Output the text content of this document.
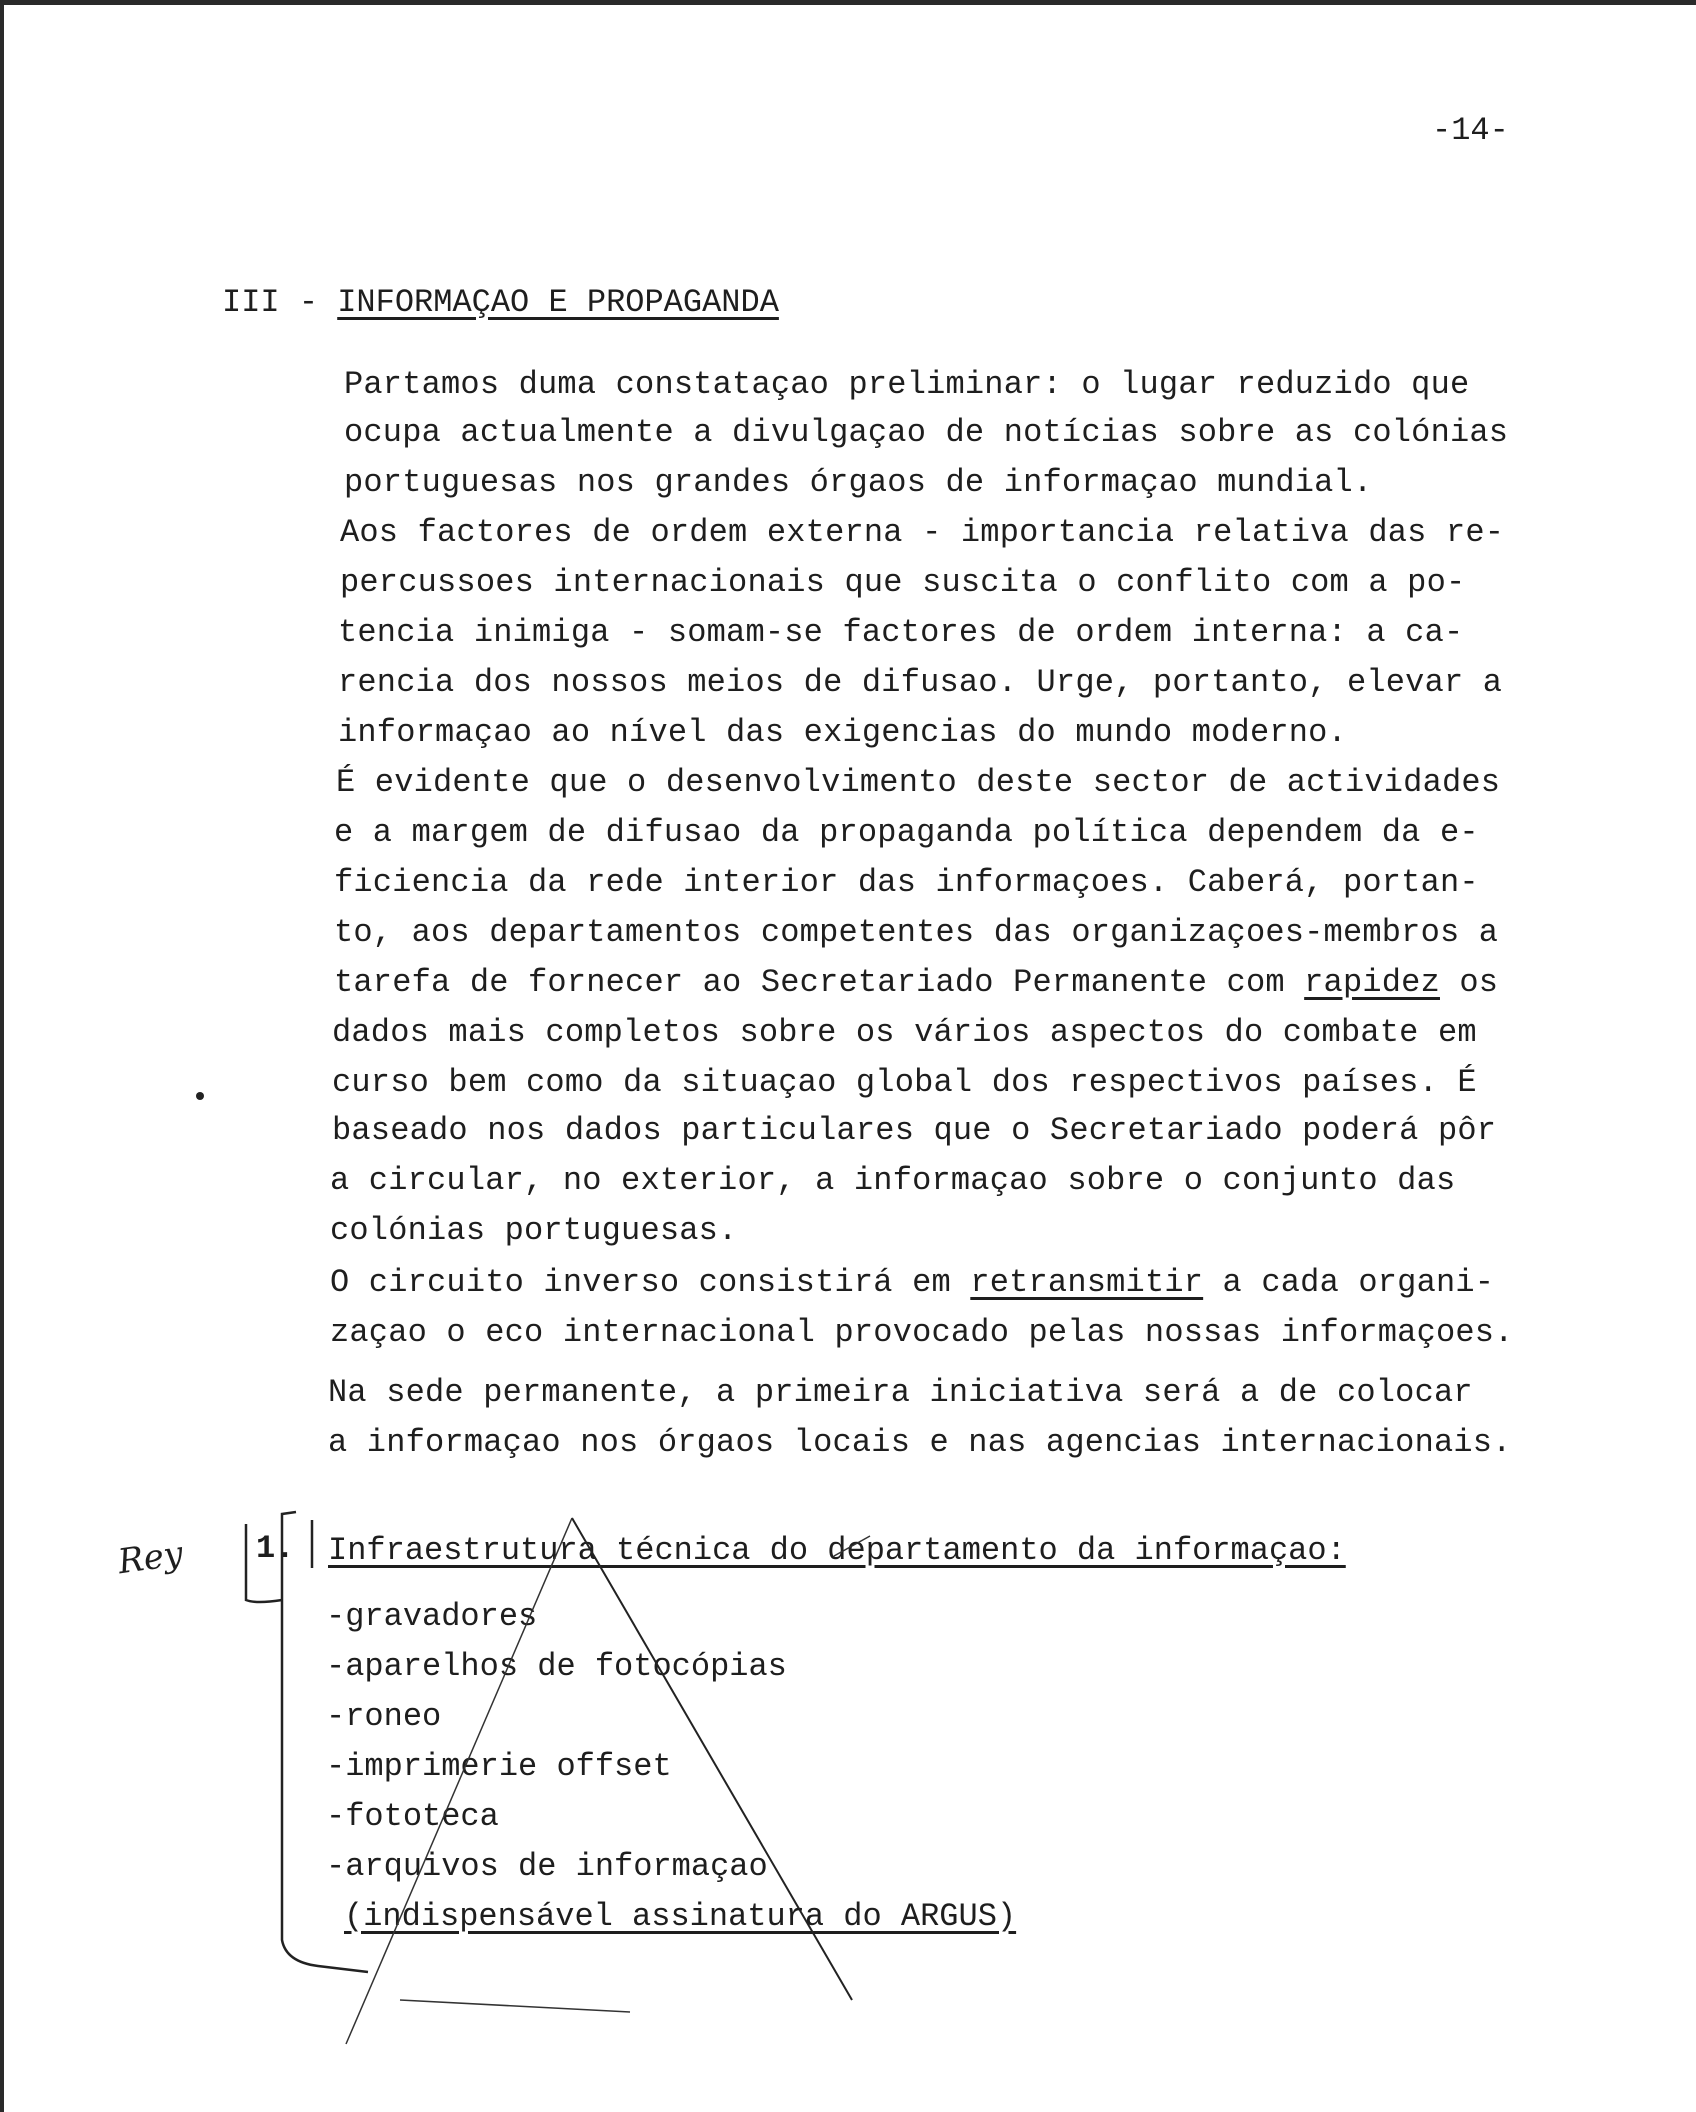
-14-
III - INFORMAÇAO E PROPAGANDA
Partamos duma constataçao preliminar: o lugar reduzido que
ocupa actualmente a divulgaçao de notícias sobre as colónias
portuguesas nos grandes órgaos de informaçao mundial.
Aos factores de ordem externa - importancia relativa das re-
percussoes internacionais que suscita o conflito com a po-
tencia inimiga - somam-se factores de ordem interna: a ca-
rencia dos nossos meios de difusao. Urge, portanto, elevar a
informaçao ao nível das exigencias do mundo moderno.
É evidente que o desenvolvimento deste sector de actividades
e a margem de difusao da propaganda política dependem da e-
ficiencia da rede interior das informaçoes. Caberá, portan-
to, aos departamentos competentes das organizaçoes-membros a
tarefa de fornecer ao Secretariado Permanente com rapidez os
dados mais completos sobre os vários aspectos do combate em
curso bem como da situaçao global dos respectivos países. É
baseado nos dados particulares que o Secretariado poderá pôr
a circular, no exterior, a informaçao sobre o conjunto das
colónias portuguesas.
O circuito inverso consistirá em retransmitir a cada organi-
zaçao o eco internacional provocado pelas nossas informaçoes.
Na sede permanente, a primeira iniciativa será a de colocar
a informaçao nos órgaos locais e nas agencias internacionais.
Rey 1. Infraestrutura técnica do departamento da informaçao:
-gravadores
-aparelhos de fotocópias
-roneo
-imprimerie offset
-fototeca
-arquivos de informaçao
(indispensável assinatura do ARGUS)
